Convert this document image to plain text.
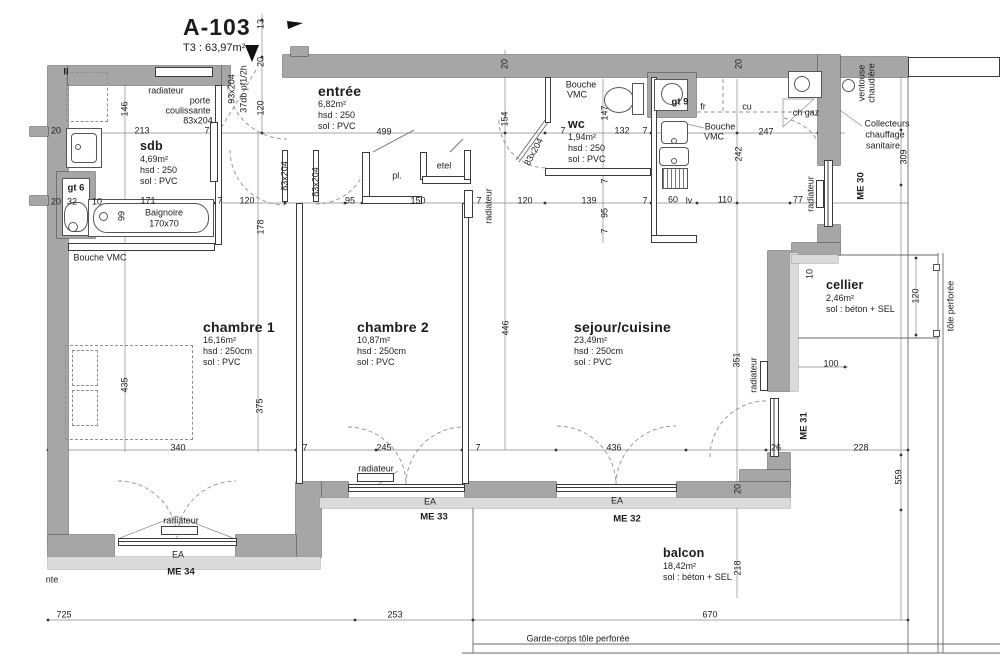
A-103
T3 : 63,97m²
sdb
4,69m²
hsd : 250
sol : PVC
entrée
6,82m²
hsd : 250
sol : PVC	wc
1,94m²
hsd : 250
sol : PVC
chambre 1
16,16m²
hsd : 250cm
sol : PVC
chambre 2
10,87m²
hsd : 250cm
sol : PVC
sejour/cuisine
23,49m²
hsd : 250cm
sol : PVC
cellier
2,46m²
sol : béton + SEL
balcon
18,42m²
sol : béton + SEL
13
20
120
93x204 37db pf1/2h
20	213	7
146
20 32 10	171	7 120
99
178
499
83x204 83x204
95	150	7	120
154
20
83x204
7	132 7
147
139	7 60 lv	110
7
95
7
20
242
247
77
309
10
120
100
340	7	245	7	436	26	228
20
435
375
446
351
218
559
725	253	670
ll
radiateur
porte
coulissante
83x204
Bouche VMC
gt 6
Baignoire
170x70
pl.
etel
radiateur
Bouche
VMC
gt 9 fr	cu
Bouche
VMC
ch gaz
ventouse chaudière
Collecteurs
chauffage
sanitaire
ME 30
radiateur
tôle perforée
ME 31
radiateur
radiateur
EA
ME 33
EA
ME 32
radiateur
EA
ME 34
nte
Garde-corps tôle perforée
